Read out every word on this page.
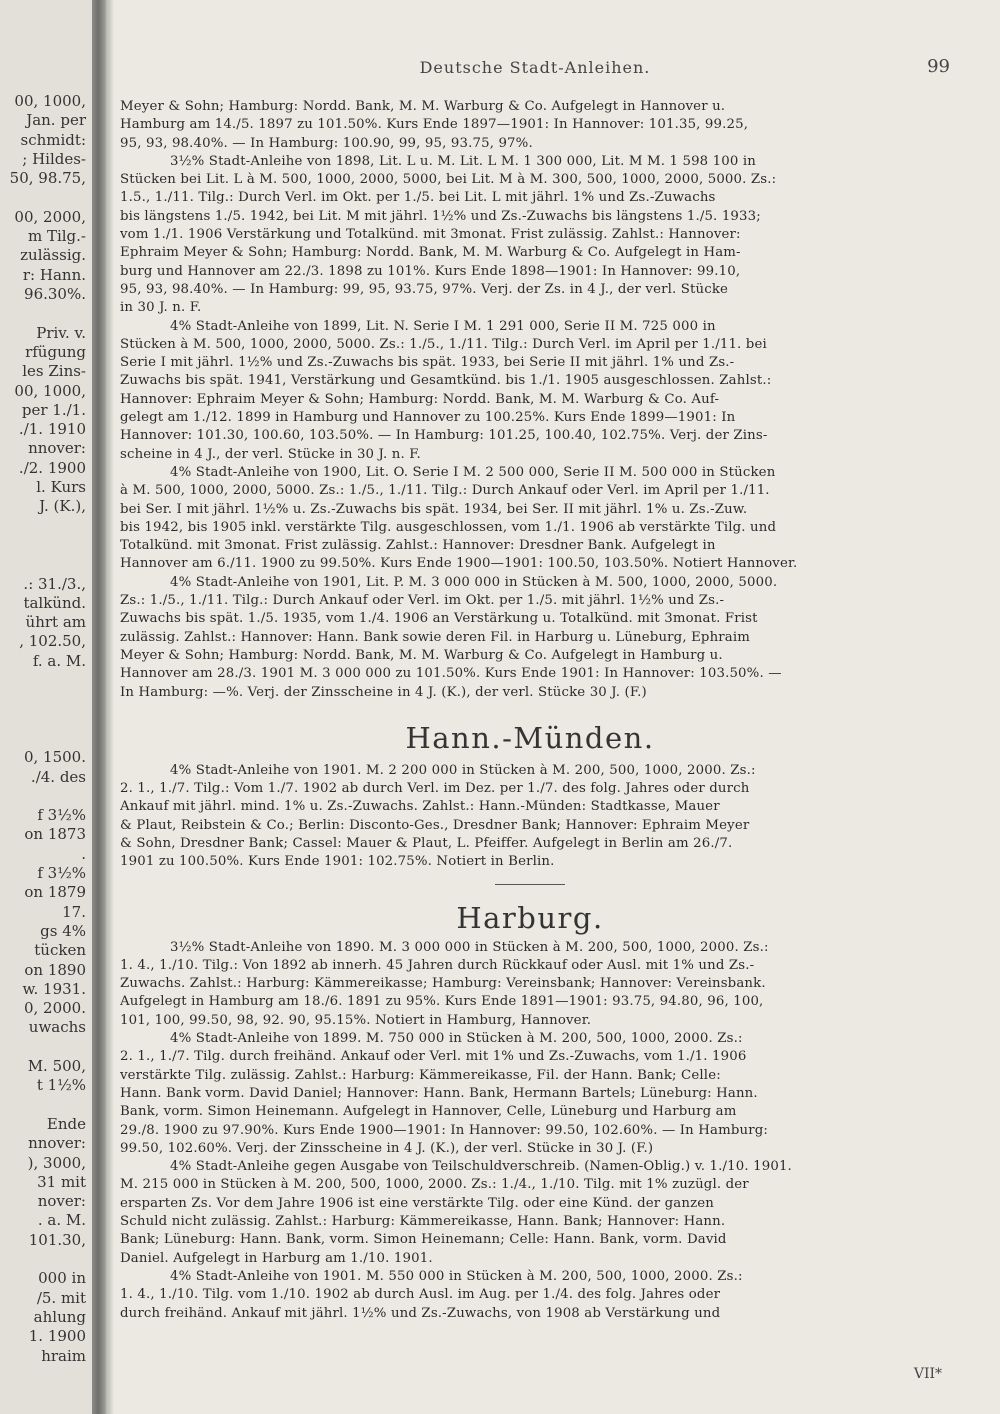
00, 1000,
Jan. per
schmidt:
; Hildes-
50, 98.75,
00, 2000,
m Tilg.-
zulässig.
r: Hann.
96.30%.
Priv. v.
rfügung
les Zins-
00, 1000,
per 1./1.
./1. 1910
nnover:
./2. 1900
l. Kurs
J. (K.),
.: 31./3.,
talkünd.
ührt am
, 102.50,
f. a. M.
0, 1500.
./4. des
f 3½%
on 1873
.
f 3½%
on 1879
17.
gs 4%
tücken
on 1890
w. 1931.
0, 2000.
uwachs
M. 500,
t 1½%
Ende
nnover:
), 3000,
31 mit
nover:
. a. M.
101.30,
000 in
/5. mit
ahlung
1. 1900
hraim
Deutsche Stadt-Anleihen.	99
Meyer & Sohn; Hamburg: Nordd. Bank, M. M. Warburg & Co. Aufgelegt in Hannover u.
Hamburg am 14./5. 1897 zu 101.50%. Kurs Ende 1897—1901: In Hannover: 101.35, 99.25,
95, 93, 98.40%. — In Hamburg: 100.90, 99, 95, 93.75, 97%.
3½% Stadt-Anleihe von 1898, Lit. L u. M. Lit. L M. 1 300 000, Lit. M M. 1 598 100 in
Stücken bei Lit. L à M. 500, 1000, 2000, 5000, bei Lit. M à M. 300, 500, 1000, 2000, 5000. Zs.:
1.5., 1./11. Tilg.: Durch Verl. im Okt. per 1./5. bei Lit. L mit jährl. 1% und Zs.-Zuwachs
bis längstens 1./5. 1942, bei Lit. M mit jährl. 1½% und Zs.-Zuwachs bis längstens 1./5. 1933;
vom 1./1. 1906 Verstärkung und Totalkünd. mit 3monat. Frist zulässig. Zahlst.: Hannover:
Ephraim Meyer & Sohn; Hamburg: Nordd. Bank, M. M. Warburg & Co. Aufgelegt in Ham-
burg und Hannover am 22./3. 1898 zu 101%. Kurs Ende 1898—1901: In Hannover: 99.10,
95, 93, 98.40%. — In Hamburg: 99, 95, 93.75, 97%. Verj. der Zs. in 4 J., der verl. Stücke
in 30 J. n. F.
4% Stadt-Anleihe von 1899, Lit. N. Serie I M. 1 291 000, Serie II M. 725 000 in
Stücken à M. 500, 1000, 2000, 5000. Zs.: 1./5., 1./11. Tilg.: Durch Verl. im April per 1./11. bei
Serie I mit jährl. 1½% und Zs.-Zuwachs bis spät. 1933, bei Serie II mit jährl. 1% und Zs.-
Zuwachs bis spät. 1941, Verstärkung und Gesamtkünd. bis 1./1. 1905 ausgeschlossen. Zahlst.:
Hannover: Ephraim Meyer & Sohn; Hamburg: Nordd. Bank, M. M. Warburg & Co. Auf-
gelegt am 1./12. 1899 in Hamburg und Hannover zu 100.25%. Kurs Ende 1899—1901: In
Hannover: 101.30, 100.60, 103.50%. — In Hamburg: 101.25, 100.40, 102.75%. Verj. der Zins-
scheine in 4 J., der verl. Stücke in 30 J. n. F.
4% Stadt-Anleihe von 1900, Lit. O. Serie I M. 2 500 000, Serie II M. 500 000 in Stücken
à M. 500, 1000, 2000, 5000. Zs.: 1./5., 1./11. Tilg.: Durch Ankauf oder Verl. im April per 1./11.
bei Ser. I mit jährl. 1½% u. Zs.-Zuwachs bis spät. 1934, bei Ser. II mit jährl. 1% u. Zs.-Zuw.
bis 1942, bis 1905 inkl. verstärkte Tilg. ausgeschlossen, vom 1./1. 1906 ab verstärkte Tilg. und
Totalkünd. mit 3monat. Frist zulässig. Zahlst.: Hannover: Dresdner Bank. Aufgelegt in
Hannover am 6./11. 1900 zu 99.50%. Kurs Ende 1900—1901: 100.50, 103.50%. Notiert Hannover.
4% Stadt-Anleihe von 1901, Lit. P. M. 3 000 000 in Stücken à M. 500, 1000, 2000, 5000.
Zs.: 1./5., 1./11. Tilg.: Durch Ankauf oder Verl. im Okt. per 1./5. mit jährl. 1½% und Zs.-
Zuwachs bis spät. 1./5. 1935, vom 1./4. 1906 an Verstärkung u. Totalkünd. mit 3monat. Frist
zulässig. Zahlst.: Hannover: Hann. Bank sowie deren Fil. in Harburg u. Lüneburg, Ephraim
Meyer & Sohn; Hamburg: Nordd. Bank, M. M. Warburg & Co. Aufgelegt in Hamburg u.
Hannover am 28./3. 1901 M. 3 000 000 zu 101.50%. Kurs Ende 1901: In Hannover: 103.50%. —
In Hamburg: —%. Verj. der Zinsscheine in 4 J. (K.), der verl. Stücke 30 J. (F.)
Hann.-Münden.
4% Stadt-Anleihe von 1901. M. 2 200 000 in Stücken à M. 200, 500, 1000, 2000. Zs.:
2. 1., 1./7. Tilg.: Vom 1./7. 1902 ab durch Verl. im Dez. per 1./7. des folg. Jahres oder durch
Ankauf mit jährl. mind. 1% u. Zs.-Zuwachs. Zahlst.: Hann.-Münden: Stadtkasse, Mauer
& Plaut, Reibstein & Co.; Berlin: Disconto-Ges., Dresdner Bank; Hannover: Ephraim Meyer
& Sohn, Dresdner Bank; Cassel: Mauer & Plaut, L. Pfeiffer. Aufgelegt in Berlin am 26./7.
1901 zu 100.50%. Kurs Ende 1901: 102.75%. Notiert in Berlin.
Harburg.
3½% Stadt-Anleihe von 1890. M. 3 000 000 in Stücken à M. 200, 500, 1000, 2000. Zs.:
1. 4., 1./10. Tilg.: Von 1892 ab innerh. 45 Jahren durch Rückkauf oder Ausl. mit 1% und Zs.-
Zuwachs. Zahlst.: Harburg: Kämmereikasse; Hamburg: Vereinsbank; Hannover: Vereinsbank.
Aufgelegt in Hamburg am 18./6. 1891 zu 95%. Kurs Ende 1891—1901: 93.75, 94.80, 96, 100,
101, 100, 99.50, 98, 92. 90, 95.15%. Notiert in Hamburg, Hannover.
4% Stadt-Anleihe von 1899. M. 750 000 in Stücken à M. 200, 500, 1000, 2000. Zs.:
2. 1., 1./7. Tilg. durch freihänd. Ankauf oder Verl. mit 1% und Zs.-Zuwachs, vom 1./1. 1906
verstärkte Tilg. zulässig. Zahlst.: Harburg: Kämmereikasse, Fil. der Hann. Bank; Celle:
Hann. Bank vorm. David Daniel; Hannover: Hann. Bank, Hermann Bartels; Lüneburg: Hann.
Bank, vorm. Simon Heinemann. Aufgelegt in Hannover, Celle, Lüneburg und Harburg am
29./8. 1900 zu 97.90%. Kurs Ende 1900—1901: In Hannover: 99.50, 102.60%. — In Hamburg:
99.50, 102.60%. Verj. der Zinsscheine in 4 J. (K.), der verl. Stücke in 30 J. (F.)
4% Stadt-Anleihe gegen Ausgabe von Teilschuldverschreib. (Namen-Oblig.) v. 1./10. 1901.
M. 215 000 in Stücken à M. 200, 500, 1000, 2000. Zs.: 1./4., 1./10. Tilg. mit 1% zuzügl. der
ersparten Zs. Vor dem Jahre 1906 ist eine verstärkte Tilg. oder eine Künd. der ganzen
Schuld nicht zulässig. Zahlst.: Harburg: Kämmereikasse, Hann. Bank; Hannover: Hann.
Bank; Lüneburg: Hann. Bank, vorm. Simon Heinemann; Celle: Hann. Bank, vorm. David
Daniel. Aufgelegt in Harburg am 1./10. 1901.
4% Stadt-Anleihe von 1901. M. 550 000 in Stücken à M. 200, 500, 1000, 2000. Zs.:
1. 4., 1./10. Tilg. vom 1./10. 1902 ab durch Ausl. im Aug. per 1./4. des folg. Jahres oder
durch freihänd. Ankauf mit jährl. 1½% und Zs.-Zuwachs, von 1908 ab Verstärkung und
VII*
